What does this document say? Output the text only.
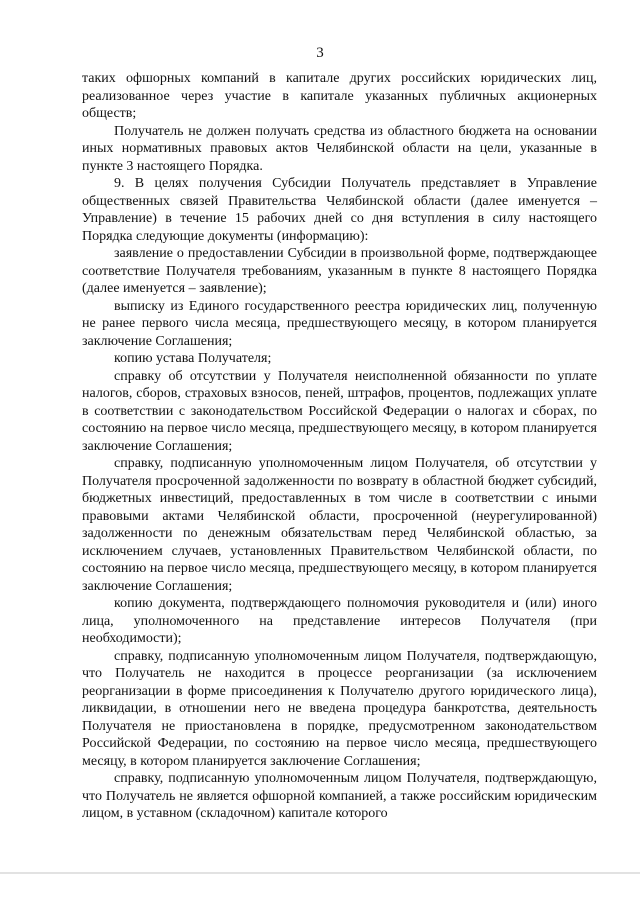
3

таких офшорных компаний в капитале других российских юридических лиц, реализованное через участие в капитале указанных публичных акционерных обществ;

Получатель не должен получать средства из областного бюджета на основании иных нормативных правовых актов Челябинской области на цели, указанные в пункте 3 настоящего Порядка.

9. В целях получения Субсидии Получатель представляет в Управление общественных связей Правительства Челябинской области (далее именуется – Управление) в течение 15 рабочих дней со дня вступления в силу настоящего Порядка следующие документы (информацию):

заявление о предоставлении Субсидии в произвольной форме, подтверждающее соответствие Получателя требованиям, указанным в пункте 8 настоящего Порядка (далее именуется – заявление);

выписку из Единого государственного реестра юридических лиц, полученную не ранее первого числа месяца, предшествующего месяцу, в котором планируется заключение Соглашения;

копию устава Получателя;

справку об отсутствии у Получателя неисполненной обязанности по уплате налогов, сборов, страховых взносов, пеней, штрафов, процентов, подлежащих уплате в соответствии с законодательством Российской Федерации о налогах и сборах, по состоянию на первое число месяца, предшествующего месяцу, в котором планируется заключение Соглашения;

справку, подписанную уполномоченным лицом Получателя, об отсутствии у Получателя просроченной задолженности по возврату в областной бюджет субсидий, бюджетных инвестиций, предоставленных в том числе в соответствии с иными правовыми актами Челябинской области, просроченной (неурегулированной) задолженности по денежным обязательствам перед Челябинской областью, за исключением случаев, установленных Правительством Челябинской области, по состоянию на первое число месяца, предшествующего месяцу, в котором планируется заключение Соглашения;

копию документа, подтверждающего полномочия руководителя и (или) иного лица, уполномоченного на представление интересов Получателя (при необходимости);

справку, подписанную уполномоченным лицом Получателя, подтверждающую, что Получатель не находится в процессе реорганизации (за исключением реорганизации в форме присоединения к Получателю другого юридического лица), ликвидации, в отношении него не введена процедура банкротства, деятельность Получателя не приостановлена в порядке, предусмотренном законодательством Российской Федерации, по состоянию на первое число месяца, предшествующего месяцу, в котором планируется заключение Соглашения;

справку, подписанную уполномоченным лицом Получателя, подтверждающую, что Получатель не является офшорной компанией, а также российским юридическим лицом, в уставном (складочном) капитале которого
